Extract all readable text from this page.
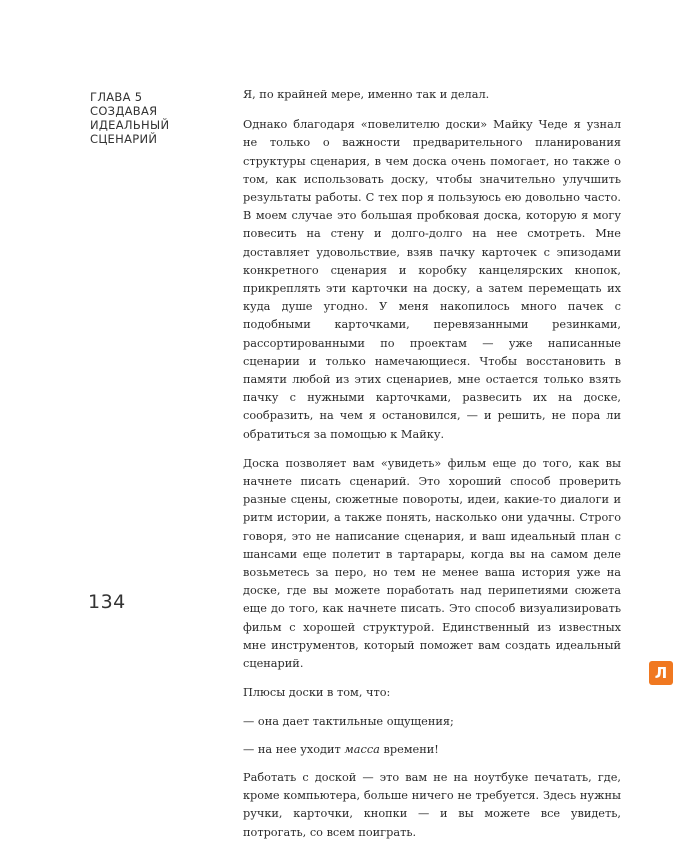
ГЛАВА 5
СОЗДАВАЯ
ИДЕАЛЬНЫЙ
СЦЕНАРИЙ

Я, по крайней мере, именно так и делал.

Однако благодаря «повелителю доски» Майку Чеде я узнал не только о важности предварительного планирования структуры сценария, в чем доска очень помогает, но также о том, как использовать доску, чтобы значительно улучшить результаты работы. С тех пор я пользуюсь ею довольно часто. В моем случае это большая пробковая доска, которую я могу повесить на стену и долго-долго на нее смотреть. Мне доставляет удовольствие, взяв пачку карточек с эпизодами конкретного сценария и коробку канцелярских кнопок, прикреплять эти карточки на доску, а затем перемещать их куда душе угодно. У меня накопилось много пачек с подобными карточками, перевязанными резинками, рассортированными по проектам — уже написанные сценарии и только намечающиеся. Чтобы восстановить в памяти любой из этих сценариев, мне остается только взять пачку с нужными карточками, развесить их на доске, сообразить, на чем я остановился, — и решить, не пора ли обратиться за помощью к Майку.

Доска позволяет вам «увидеть» фильм еще до того, как вы начнете писать сценарий. Это хороший способ проверить разные сцены, сюжетные повороты, идеи, какие-то диалоги и ритм истории, а также понять, насколько они удачны. Строго говоря, это не написание сценария, и ваш идеальный план с шансами еще полетит в тартарары, когда вы на самом деле возьметесь за перо, но тем не менее ваша история уже на доске, где вы можете поработать над перипетиями сюжета еще до того, как начнете писать. Это способ визуализировать фильм с хорошей структурой. Единственный из известных мне инструментов, который поможет вам создать идеальный сценарий.

Плюсы доски в том, что:

— она дает тактильные ощущения;

— на нее уходит масса времени!

Работать с доской — это вам не на ноутбуке печатать, где, кроме компьютера, больше ничего не требуется. Здесь нужны ручки, карточки, кнопки — и вы можете все увидеть, потрогать, со всем поиграть.

134
Л
